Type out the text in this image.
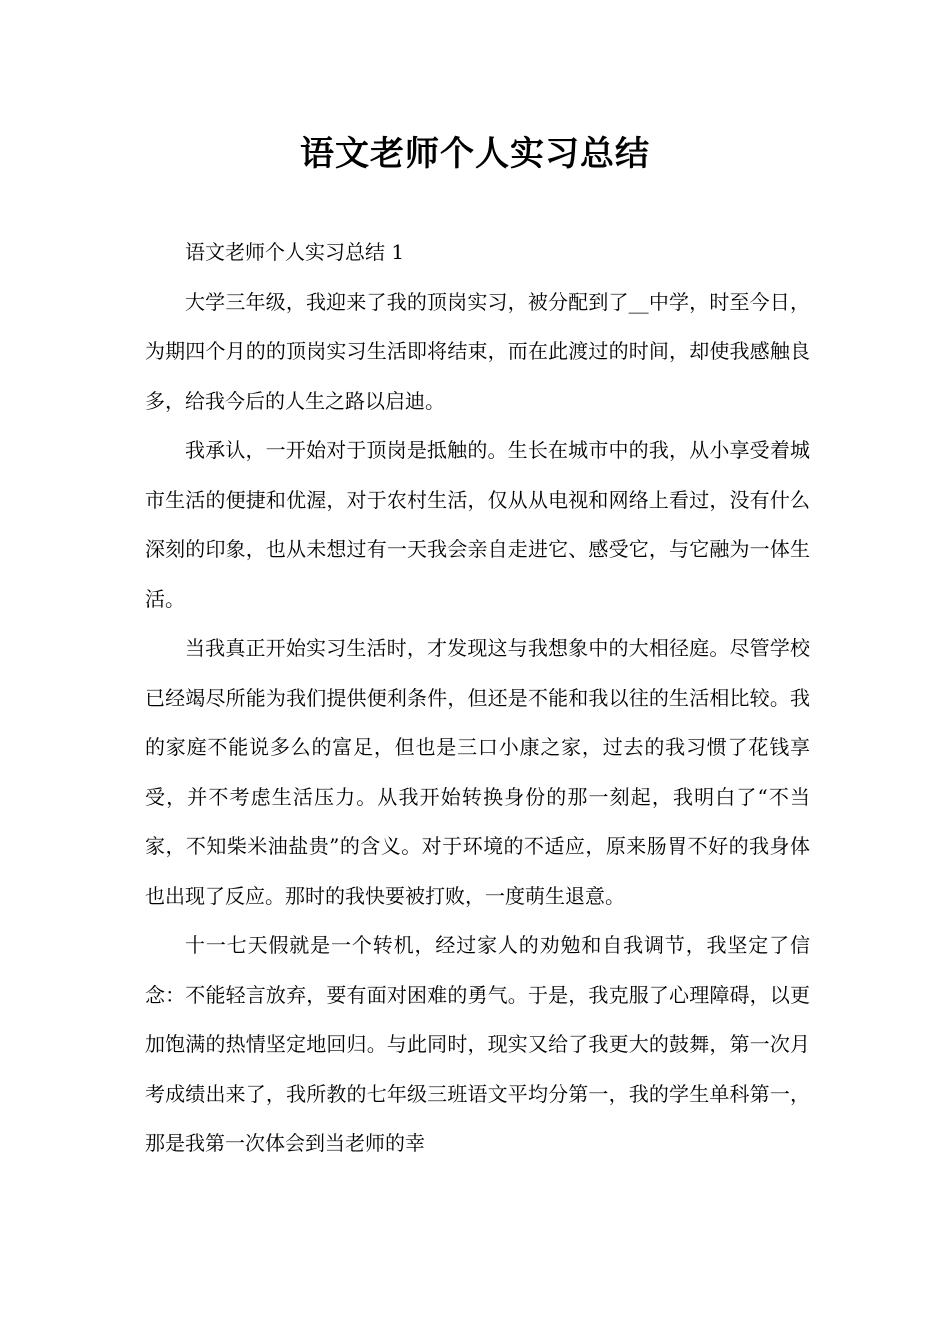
语文老师个人实习总结

语文老师个人实习总结 1

大学三年级，我迎来了我的顶岗实习，被分配到了__中学，时至今日，为期四个月的的顶岗实习生活即将结束，而在此渡过的时间，却使我感触良多，给我今后的人生之路以启迪。

我承认，一开始对于顶岗是抵触的。生长在城市中的我，从小享受着城市生活的便捷和优渥，对于农村生活，仅从从电视和网络上看过，没有什么深刻的印象，也从未想过有一天我会亲自走进它、感受它，与它融为一体生活。

当我真正开始实习生活时，才发现这与我想象中的大相径庭。尽管学校已经竭尽所能为我们提供便利条件，但还是不能和我以往的生活相比较。我的家庭不能说多么的富足，但也是三口小康之家，过去的我习惯了花钱享受，并不考虑生活压力。从我开始转换身份的那一刻起，我明白了“不当家，不知柴米油盐贵”的含义。对于环境的不适应，原来肠胃不好的我身体也出现了反应。那时的我快要被打败，一度萌生退意。

十一七天假就是一个转机，经过家人的劝勉和自我调节，我坚定了信念：不能轻言放弃，要有面对困难的勇气。于是，我克服了心理障碍，以更加饱满的热情坚定地回归。与此同时，现实又给了我更大的鼓舞，第一次月考成绩出来了，我所教的七年级三班语文平均分第一，我的学生单科第一，那是我第一次体会到当老师的幸
